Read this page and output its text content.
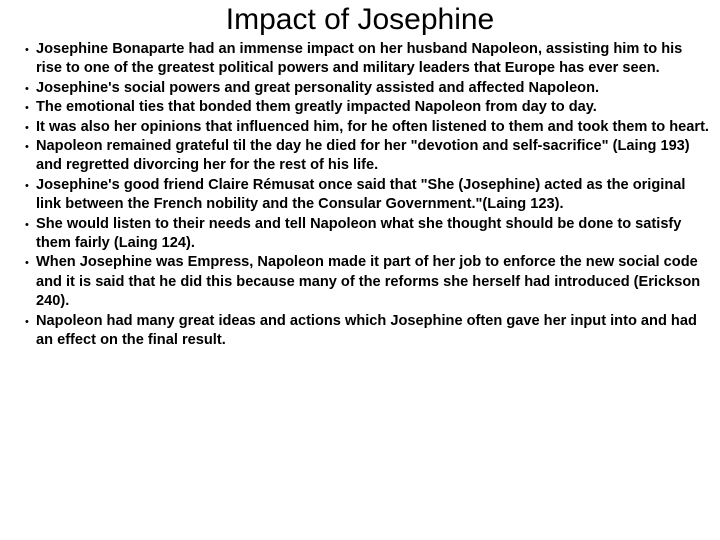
Impact of Josephine
• Josephine Bonaparte had an immense impact on her husband Napoleon, assisting him to his rise to one of the greatest political powers and military leaders that Europe has ever seen.
• Josephine's social powers and great personality assisted and affected Napoleon.
• The emotional ties that bonded them greatly impacted Napoleon from day to day.
• It was also her opinions that influenced him, for he often listened to them and took them to heart.
• Napoleon remained grateful til the day he died for her "devotion and self-sacrifice" (Laing 193) and regretted divorcing her for the rest of his life.
• Josephine's good friend Claire Rémusat once said that "She (Josephine) acted as the original link between the French nobility and the Consular Government."(Laing 123).
• She would listen to their needs and tell Napoleon what she thought should be done to satisfy them fairly (Laing 124).
• When Josephine was Empress, Napoleon made it part of her job to enforce the new social code and it is said that he did this because many of the reforms she herself had introduced (Erickson 240).
• Napoleon had many great ideas and actions which Josephine often gave her input into and had an effect on the final result.
